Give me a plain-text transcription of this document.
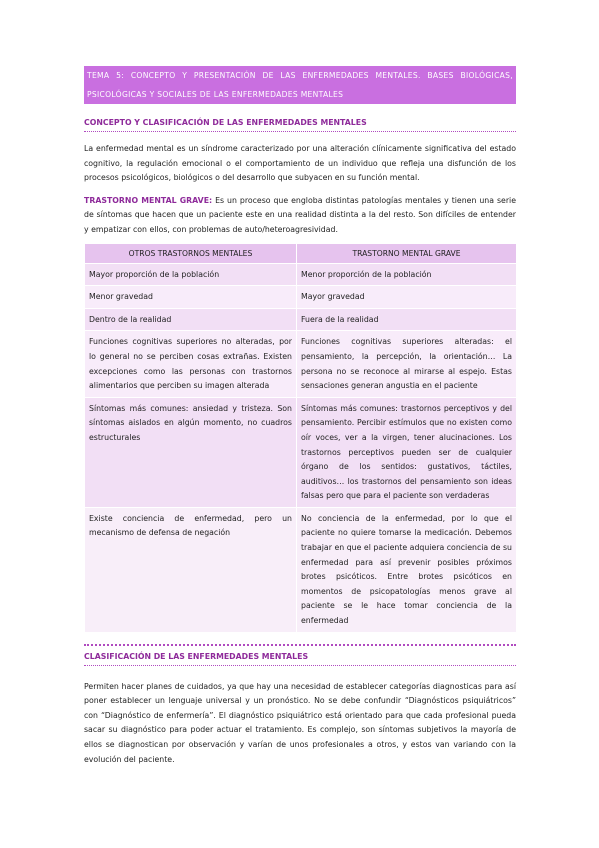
TEMA 5: CONCEPTO Y PRESENTACIÓN DE LAS ENFERMEDADES MENTALES. BASES BIOLÓGICAS, PSICOLÓGICAS Y SOCIALES DE LAS ENFERMEDADES MENTALES
CONCEPTO Y CLASIFICACIÓN DE LAS ENFERMEDADES MENTALES

La enfermedad mental es un síndrome caracterizado por una alteración clínicamente significativa del estado cognitivo, la regulación emocional o el comportamiento de un individuo que refleja una disfunción de los procesos psicológicos, biológicos o del desarrollo que subyacen en su función mental.

TRASTORNO MENTAL GRAVE: Es un proceso que engloba distintas patologías mentales y tienen una serie de síntomas que hacen que un paciente este en una realidad distinta a la del resto. Son difíciles de entender y empatizar con ellos, con problemas de auto/heteroagresividad.

OTROS TRASTORNOS MENTALES	TRASTORNO MENTAL GRAVE
Mayor proporción de la población	Menor proporción de la población
Menor gravedad	Mayor gravedad
Dentro de la realidad	Fuera de la realidad
Funciones cognitivas superiores no alteradas, por lo general no se perciben cosas extrañas. Existen excepciones como las personas con trastornos alimentarios que perciben su imagen alterada	Funciones cognitivas superiores alteradas: el pensamiento, la percepción, la orientación… La persona no se reconoce al mirarse al espejo. Estas sensaciones generan angustia en el paciente
Síntomas más comunes: ansiedad y tristeza. Son síntomas aislados en algún momento, no cuadros estructurales	Síntomas más comunes: trastornos perceptivos y del pensamiento. Percibir estímulos que no existen como oír voces, ver a la virgen, tener alucinaciones. Los trastornos perceptivos pueden ser de cualquier órgano de los sentidos: gustativos, táctiles, auditivos… los trastornos del pensamiento son ideas falsas pero que para el paciente son verdaderas
Existe conciencia de enfermedad, pero un mecanismo de defensa de negación	No conciencia de la enfermedad, por lo que el paciente no quiere tomarse la medicación. Debemos trabajar en que el paciente adquiera conciencia de su enfermedad para así prevenir posibles próximos brotes psicóticos. Entre brotes psicóticos en momentos de psicopatologías menos grave al paciente se le hace tomar conciencia de la enfermedad
CLASIFICACIÓN DE LAS ENFERMEDADES MENTALES

Permiten hacer planes de cuidados, ya que hay una necesidad de establecer categorías diagnosticas para así poner establecer un lenguaje universal y un pronóstico. No se debe confundir “Diagnósticos psiquiátricos” con “Diagnóstico de enfermería”. El diagnóstico psiquiátrico está orientado para que cada profesional pueda sacar su diagnóstico para poder actuar el tratamiento. Es complejo, son síntomas subjetivos la mayoría de ellos se diagnostican por observación y varían de unos profesionales a otros, y estos van variando con la evolución del paciente.
